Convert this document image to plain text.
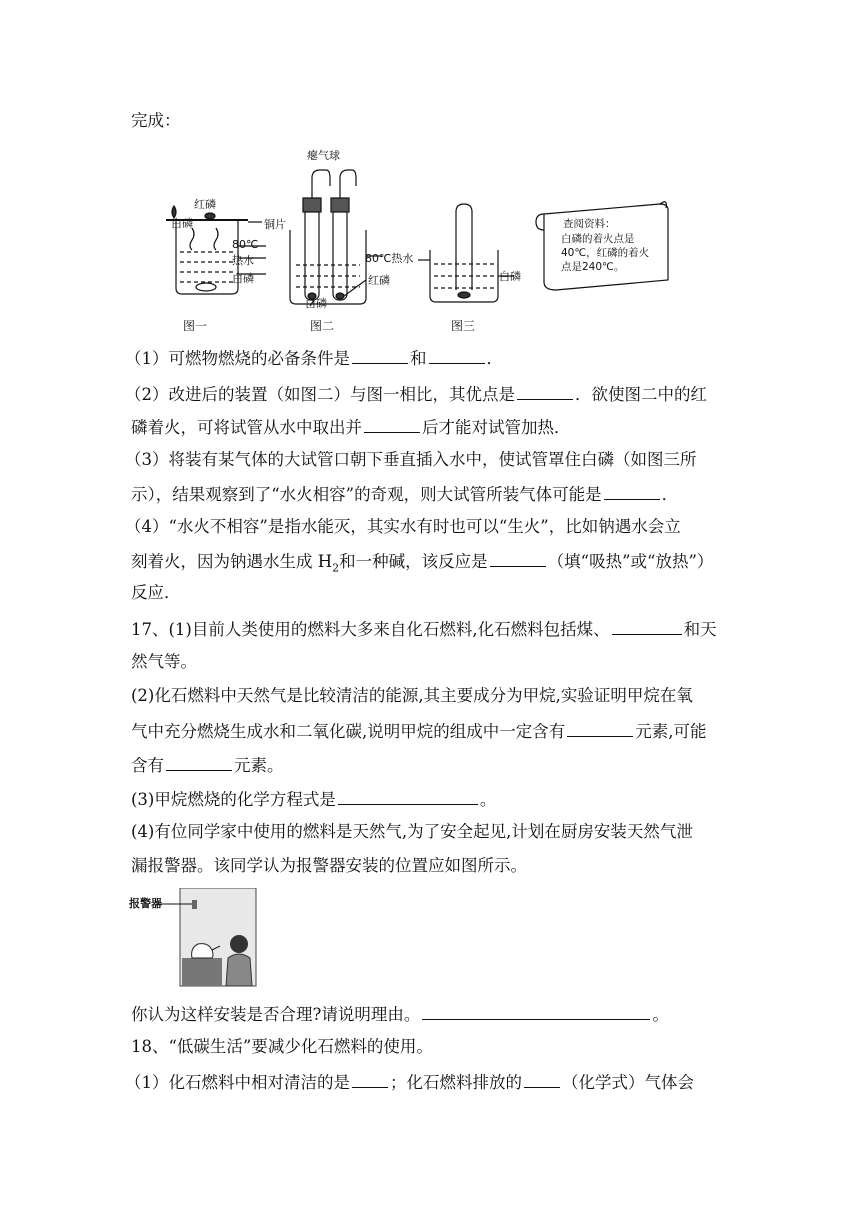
完成：
白磷
红磷
铜片
80℃
热水
白磷
瘪气球
80℃热水
红磷
白磷
白磷
查阅资料：
白磷的着火点是
40℃，红磷的着火
点是240℃。
图一	图二	图三
（1）可燃物燃烧的必备条件是	和	．
（2）改进后的装置（如图二）与图一相比，其优点是	．欲使图二中的红
磷着火，可将试管从水中取出并	后才能对试管加热．
（3）将装有某气体的大试管口朝下垂直插入水中，使试管罩住白磷（如图三所
示），结果观察到了“水火相容”的奇观，则大试管所装气体可能是	．
（4）“水火不相容”是指水能灭，其实水有时也可以“生火”，比如钠遇水会立
刻着火，因为钠遇水生成 $H_2$和一种碱，该反应是	（填“吸热”或“放热”）
反应．
17、(1)目前人类使用的燃料大多来自化石燃料,化石燃料包括煤、	和天
然气等。
(2)化石燃料中天然气是比较清洁的能源,其主要成分为甲烷,实验证明甲烷在氧
气中充分燃烧生成水和二氧化碳,说明甲烷的组成中一定含有	元素,可能
含有	元素。
(3)甲烷燃烧的化学方程式是	。
(4)有位同学家中使用的燃料是天然气,为了安全起见,计划在厨房安装天然气泄
漏报警器。该同学认为报警器安装的位置应如图所示。
报警器
你认为这样安装是否合理?请说明理由。	。
18、“低碳生活”要减少化石燃料的使用。
（1）化石燃料中相对清洁的是 ；化石燃料排放的 （化学式）气体会
